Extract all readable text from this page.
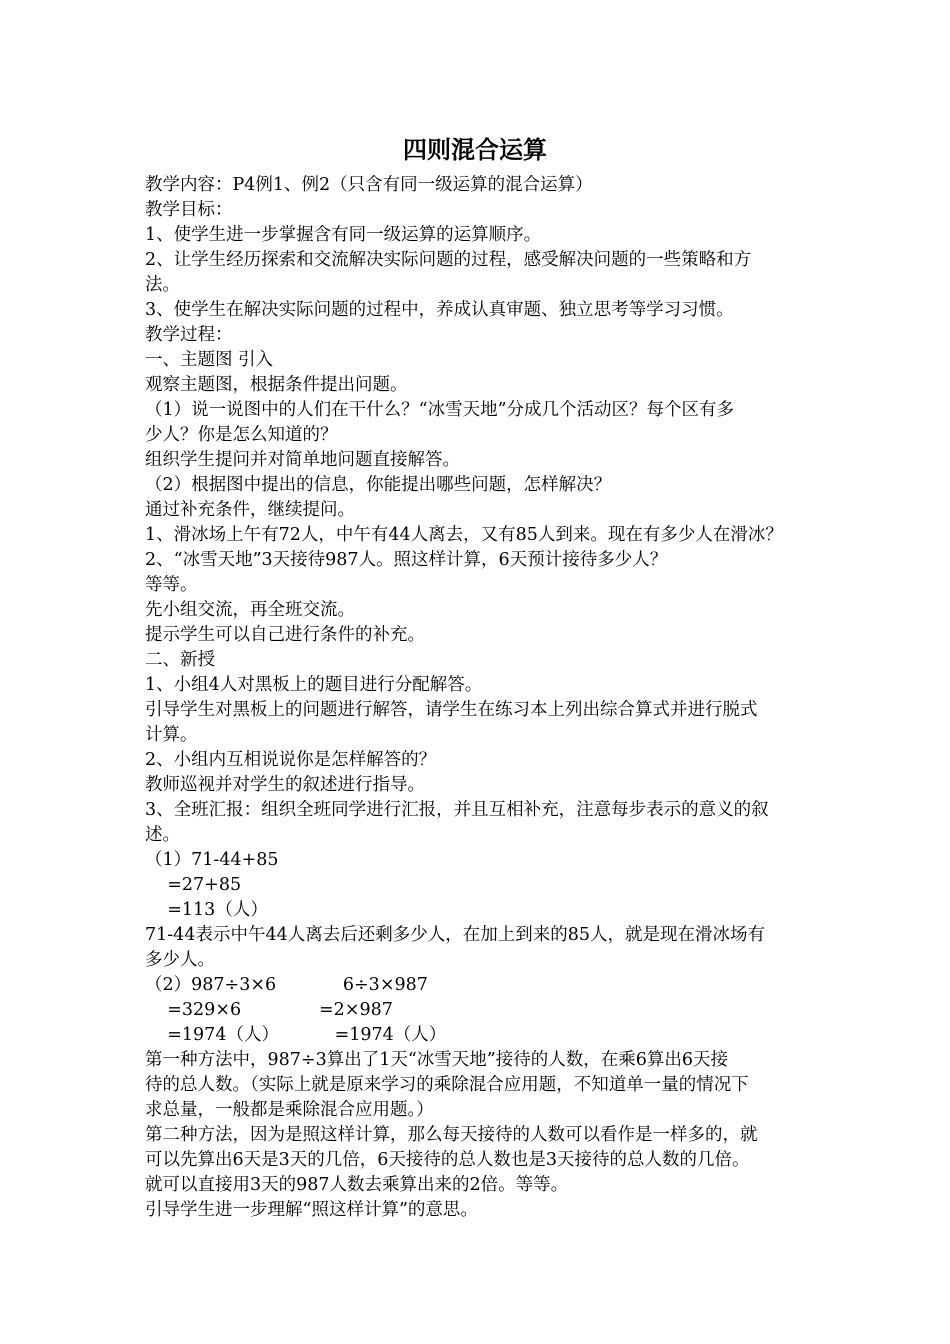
四则混合运算

教学内容：P4例1、例2（只含有同一级运算的混合运算）

教学目标：

1、使学生进一步掌握含有同一级运算的运算顺序。

2、让学生经历探索和交流解决实际问题的过程，感受解决问题的一些策略和方

法。

3、使学生在解决实际问题的过程中，养成认真审题、独立思考等学习习惯。

教学过程：

一、主题图 引入

观察主题图，根据条件提出问题。

（1）说一说图中的人们在干什么？“冰雪天地”分成几个活动区？每个区有多

少人？你是怎么知道的？

组织学生提问并对简单地问题直接解答。

（2）根据图中提出的信息，你能提出哪些问题，怎样解决？

通过补充条件，继续提问。

1、滑冰场上午有72人，中午有44人离去，又有85人到来。现在有多少人在滑冰？

2、“冰雪天地”3天接待987人。照这样计算，6天预计接待多少人？

等等。

先小组交流，再全班交流。

提示学生可以自己进行条件的补充。

二、新授

1、小组4人对黑板上的题目进行分配解答。

引导学生对黑板上的问题进行解答，请学生在练习本上列出综合算式并进行脱式

计算。

2、小组内互相说说你是怎样解答的？

教师巡视并对学生的叙述进行指导。

3、全班汇报：组织全班同学进行汇报，并且互相补充，注意每步表示的意义的叙

述。

（1）71-44+85

=27+85

=113（人）

71-44表示中午44人离去后还剩多少人，在加上到来的85人，就是现在滑冰场有

多少人。

（2）987÷3×6            6÷3×987

=329×6              =2×987

=1974（人）          =1974（人）

第一种方法中，987÷3算出了1天“冰雪天地”接待的人数，在乘6算出6天接

待的总人数。（实际上就是原来学习的乘除混合应用题，不知道单一量的情况下

求总量，一般都是乘除混合应用题。）

第二种方法，因为是照这样计算，那么每天接待的人数可以看作是一样多的，就

可以先算出6天是3天的几倍，6天接待的总人数也是3天接待的总人数的几倍。

就可以直接用3天的987人数去乘算出来的2倍。等等。

引导学生进一步理解“照这样计算”的意思。
